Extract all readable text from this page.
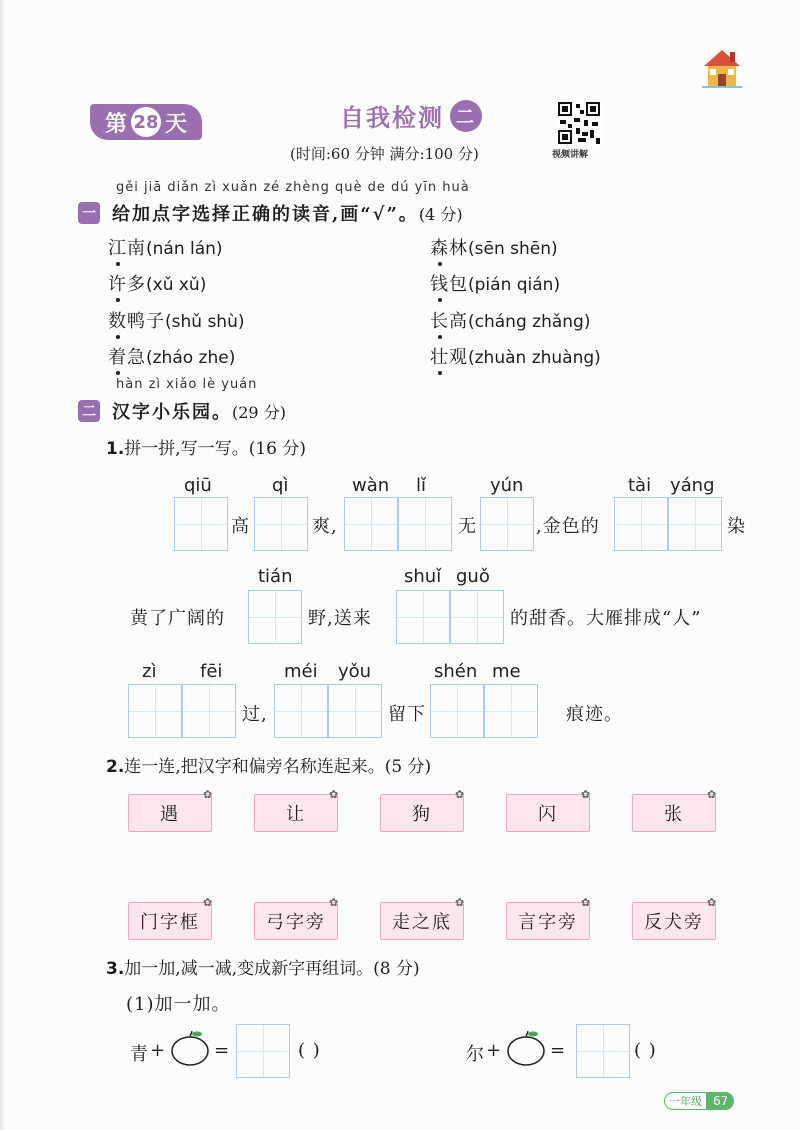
第 28 天	自我检测 二
(时间:60 分钟 满分:100 分)	视频讲解
gěi jiā diǎn zì xuǎn zé zhèng què de dú yīn huà
一 给加点字选择正确的读音,画“√”。(4 分)
江南(nán lán)	森林(sēn shēn)
许多(xǔ xǔ)	钱包(pián qián)
数鸭子(shǔ shù)	长高(cháng zhǎng)
着急(zháo zhe)	壮观(zhuàn zhuàng)
hàn zì xiǎo lè yuán
二 汉字小乐园。(29 分)
1.拼一拼,写一写。(16 分)
qiū	qì	wàn lǐ	yún	tài yáng
高	爽,	无	,金色的	染
tián	shuǐ guǒ
黄了广阔的	野,送来	的甜香。大雁排成“人”
zì fēi	méi yǒu	shén me
过,	留下	痕迹。
2.连一连,把汉字和偏旁名称连起来。(5 分)
遇	让	狗	闪	张
门字框	弓字旁	走之底	言字旁	反犬旁
✿	✿	✿	✿	✿
✿	✿	✿	✿	✿
3.加一加,减一减,变成新字再组词。(8 分)
(1)加一加。
青 +	=	( )	尔 +	=	( )
一年级 67
